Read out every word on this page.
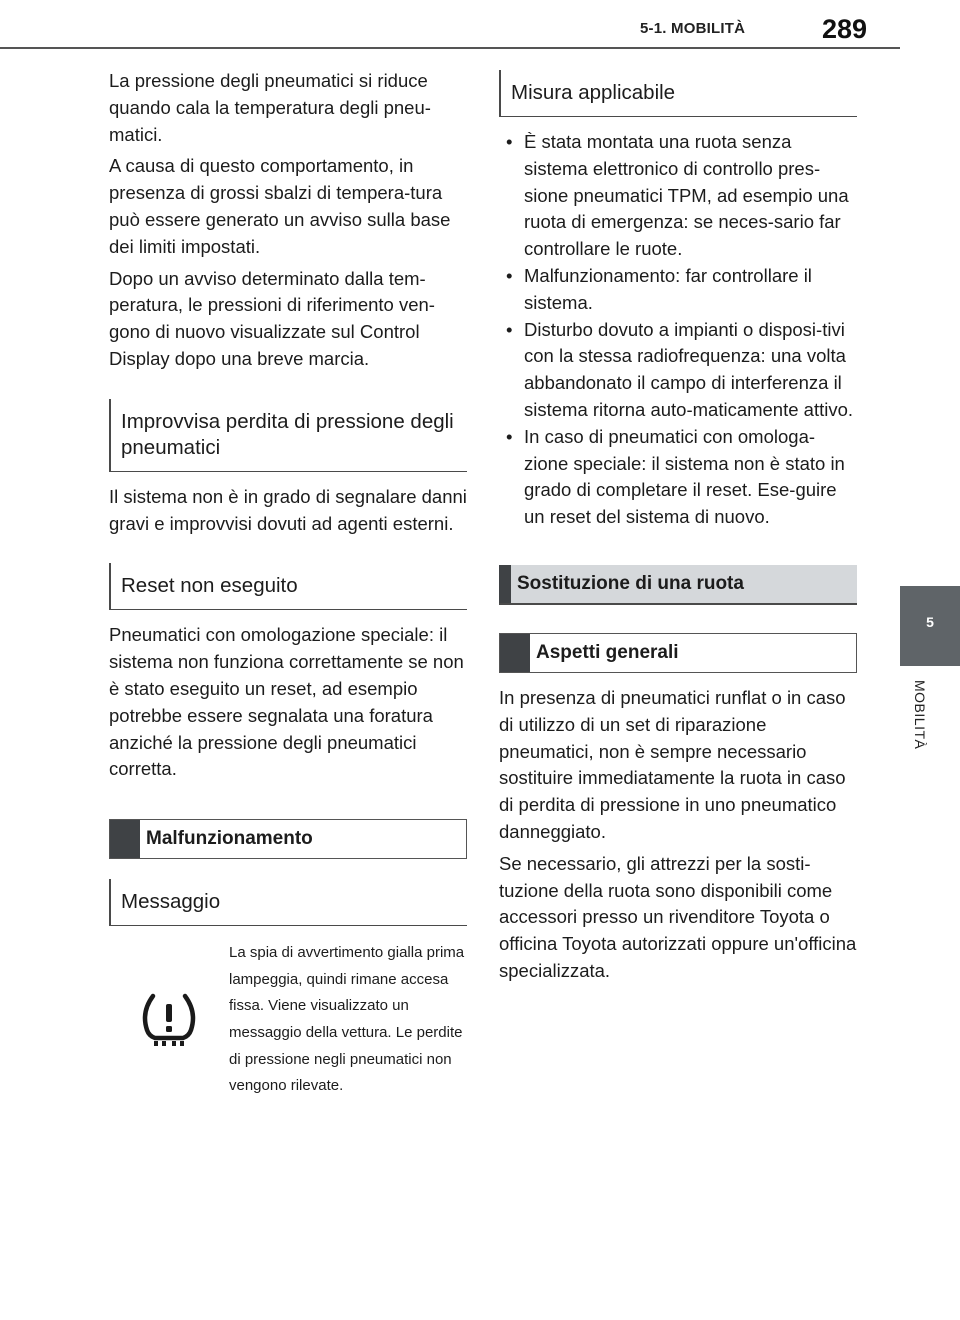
5-1. MOBILITÀ	289
5
MOBILITÀ

La pressione degli pneumatici si riduce quando cala la temperatura degli pneu-matici.

A causa di questo comportamento, in presenza di grossi sbalzi di tempera-tura può essere generato un avviso sulla base dei limiti impostati.

Dopo un avviso determinato dalla tem-peratura, le pressioni di riferimento ven-gono di nuovo visualizzate sul Control Display dopo una breve marcia.

Improvvisa perdita di pressione degli pneumatici

Il sistema non è in grado di segnalare danni gravi e improvvisi dovuti ad agenti esterni.

Reset non eseguito

Pneumatici con omologazione speciale: il sistema non funziona correttamente se non è stato eseguito un reset, ad esempio potrebbe essere segnalata una foratura anziché la pressione degli pneumatici corretta.

Malfunzionamento
Messaggio
La spia di avvertimento gialla prima lampeggia, quindi rimane accesa fissa. Viene visualizzato un messaggio della vettura. Le perdite di pressione negli pneumatici non vengono rilevate.
Misura applicabile
• È stata montata una ruota senza sistema elettronico di controllo pres-sione pneumatici TPM, ad esempio una ruota di emergenza: se neces-sario far controllare le ruote.
• Malfunzionamento: far controllare il sistema.
• Disturbo dovuto a impianti o disposi-tivi con la stessa radiofrequenza: una volta abbandonato il campo di interferenza il sistema ritorna auto-maticamente attivo.
• In caso di pneumatici con omologa-zione speciale: il sistema non è stato in grado di completare il reset. Ese-guire un reset del sistema di nuovo.
Sostituzione di una ruota
Aspetti generali

In presenza di pneumatici runflat o in caso di utilizzo di un set di riparazione pneumatici, non è sempre necessario sostituire immediatamente la ruota in caso di perdita di pressione in uno pneumatico danneggiato.

Se necessario, gli attrezzi per la sosti-tuzione della ruota sono disponibili come accessori presso un rivenditore Toyota o officina Toyota autorizzati oppure un'officina specializzata.
